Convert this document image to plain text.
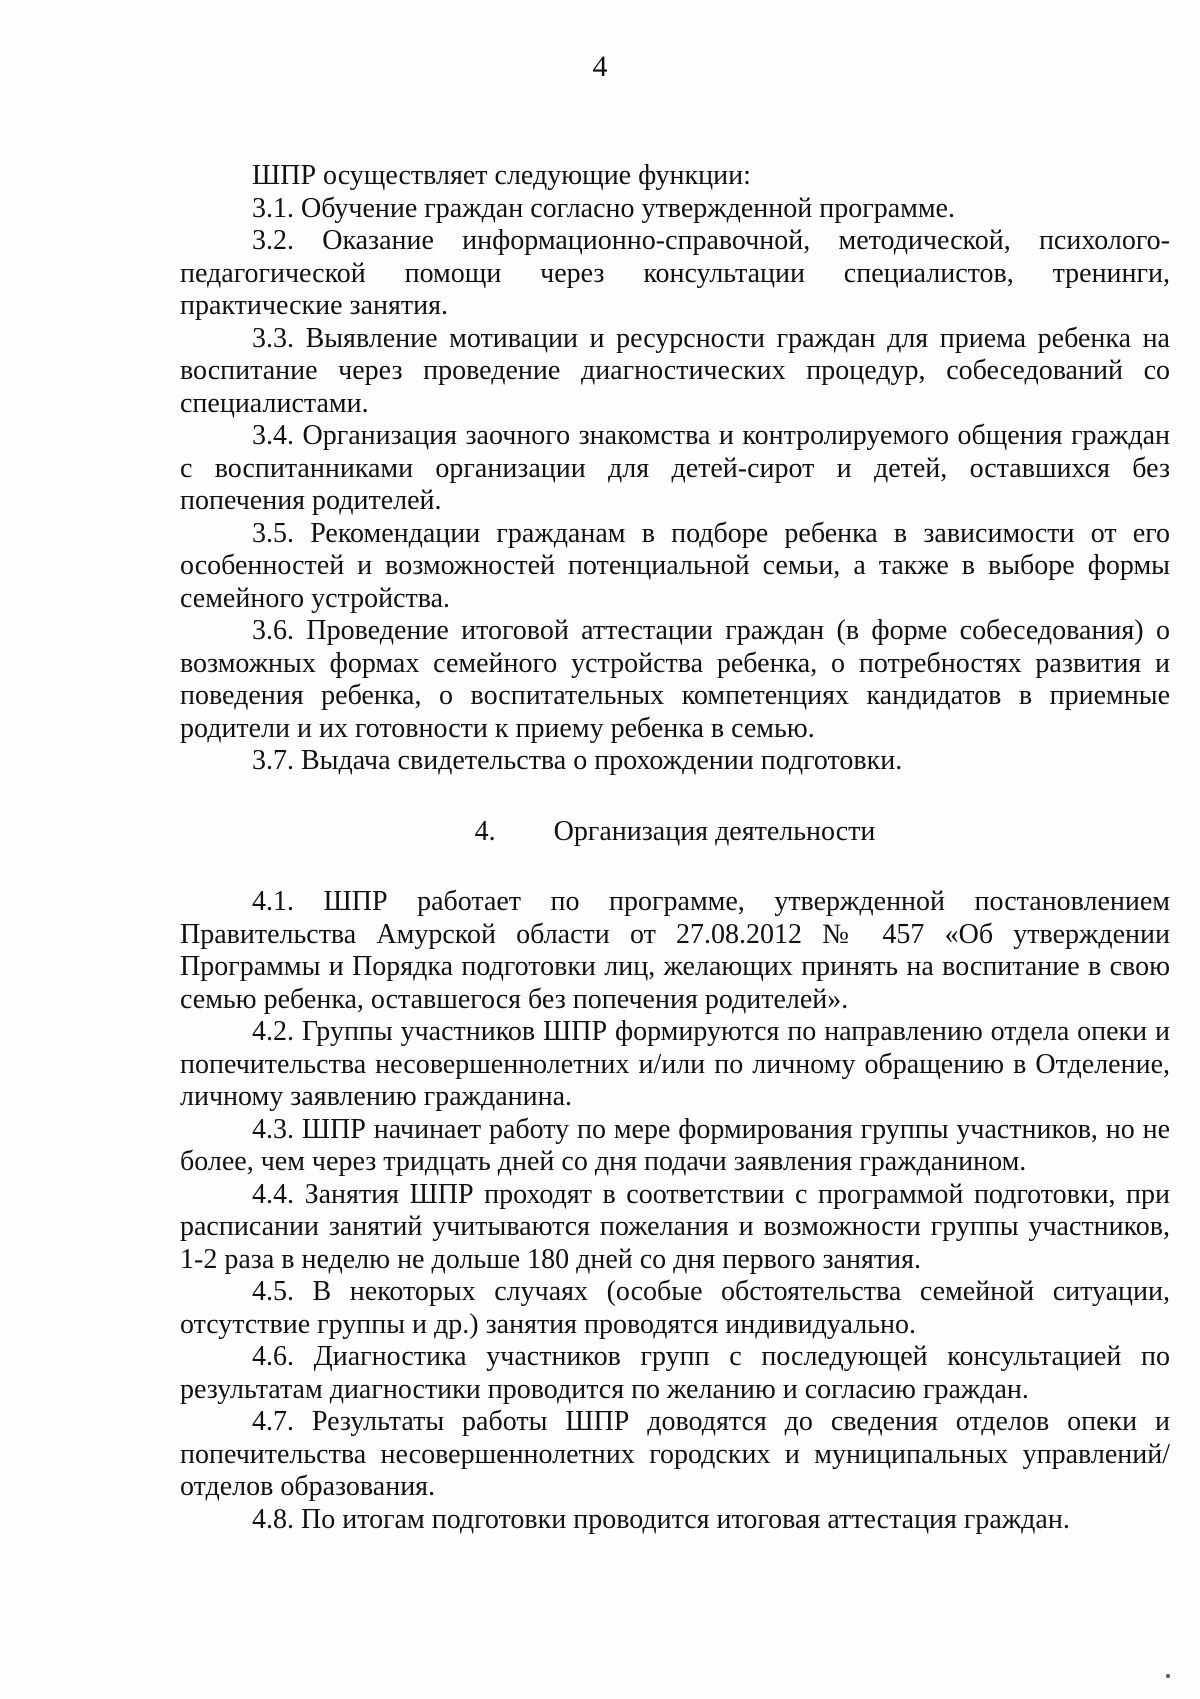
4

ШПР осуществляет следующие функции:

3.1. Обучение граждан согласно утвержденной программе.

3.2. Оказание информационно-справочной, методической, психолого-педагогической помощи через консультации специалистов, тренинги, практические занятия.

3.3. Выявление мотивации и ресурсности граждан для приема ребенка на воспитание через проведение диагностических процедур, собеседований со специалистами.

3.4. Организация заочного знакомства и контролируемого общения граждан с воспитанниками организации для детей-сирот и детей, оставшихся без попечения родителей.

3.5. Рекомендации гражданам в подборе ребенка в зависимости от его особенностей и возможностей потенциальной семьи, а также в выборе формы семейного устройства.

3.6. Проведение итоговой аттестации граждан (в форме собеседования) о возможных формах семейного устройства ребенка, о потребностях развития и поведения ребенка, о воспитательных компетенциях кандидатов в приемные родители и их готовности к приему ребенка в семью.

3.7. Выдача свидетельства о прохождении подготовки.

4. Организация деятельности

4.1. ШПР работает по программе, утвержденной постановлением Правительства Амурской области от 27.08.2012 № 457 «Об утверждении Программы и Порядка подготовки лиц, желающих принять на воспитание в свою семью ребенка, оставшегося без попечения родителей».

4.2. Группы участников ШПР формируются по направлению отдела опеки и попечительства несовершеннолетних и/или по личному обращению в Отделение, личному заявлению гражданина.

4.3. ШПР начинает работу по мере формирования группы участников, но не более, чем через тридцать дней со дня подачи заявления гражданином.

4.4. Занятия ШПР проходят в соответствии с программой подготовки, при расписании занятий учитываются пожелания и возможности группы участников, 1-2 раза в неделю не дольше 180 дней со дня первого занятия.

4.5. В некоторых случаях (особые обстоятельства семейной ситуации, отсутствие группы и др.) занятия проводятся индивидуально.

4.6. Диагностика участников групп с последующей консультацией по результатам диагностики проводится по желанию и согласию граждан.

4.7. Результаты работы ШПР доводятся до сведения отделов опеки и попечительства несовершеннолетних городских и муниципальных управлений/отделов образования.

4.8. По итогам подготовки проводится итоговая аттестация граждан.
